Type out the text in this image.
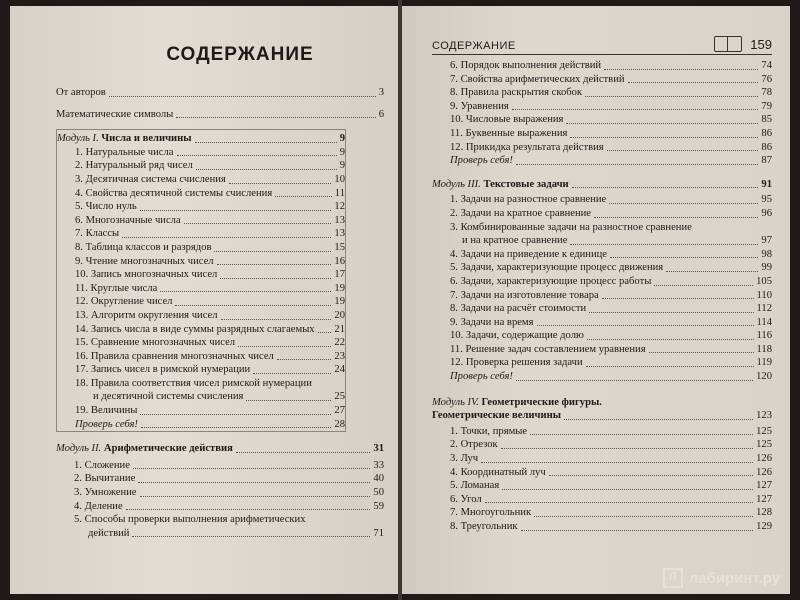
СОДЕРЖАНИЕ
От авторов	3
Математические символы	6
Модуль I. Числа и величины	9
1. Натуральные числа	9
2. Натуральный ряд чисел	9
3. Десятичная система счисления	10
4. Свойства десятичной системы счисления	11
5. Число нуль	12
6. Многозначные числа	13
7. Классы	13
8. Таблица классов и разрядов	15
9. Чтение многозначных чисел	16
10. Запись многозначных чисел	17
11. Круглые числа	19
12. Округление чисел	19
13. Алгоритм округления чисел	20
14. Запись числа в виде суммы разрядных слагаемых 21
15. Сравнение многозначных чисел	22
16. Правила сравнения многозначных чисел	23
17. Запись чисел в римской нумерации	24
18. Правила соответствия чисел римской нумерации
и десятичной системы счисления	25
19. Величины	27
Проверь себя!	28
Модуль II. Арифметические действия	31
1. Сложение	33
2. Вычитание	40
3. Умножение	50
4. Деление	59
5. Способы проверки выполнения арифметических
действий	71
СОДЕРЖАНИЕ	159
6. Порядок выполнения действий	74
7. Свойства арифметических действий	76
8. Правила раскрытия скобок	78
9. Уравнения	79
10. Числовые выражения	85
11. Буквенные выражения	86
12. Прикидка результата действия	86
Проверь себя!	87
Модуль III. Текстовые задачи	91
1. Задачи на разностное сравнение	95
2. Задачи на кратное сравнение	96
3. Комбинированные задачи на разностное сравнение
и на кратное сравнение	97
4. Задачи на приведение к единице	98
5. Задачи, характеризующие процесс движения	99
6. Задачи, характеризующие процесс работы	105
7. Задачи на изготовление товара	110
8. Задачи на расчёт стоимости	112
9. Задачи на время	114
10. Задачи, содержащие долю	116
11. Решение задач составлением уравнения	118
12. Проверка решения задачи	119
Проверь себя!	120
Модуль IV. Геометрические фигуры.
Геометрические величины	123
1. Точки, прямые	125
2. Отрезок	125
3. Луч	126
4. Координатный луч	126
5. Ломаная	127
6. Угол	127
7. Многоугольник	128
8. Треугольник	129
Л лабиринт.ру
